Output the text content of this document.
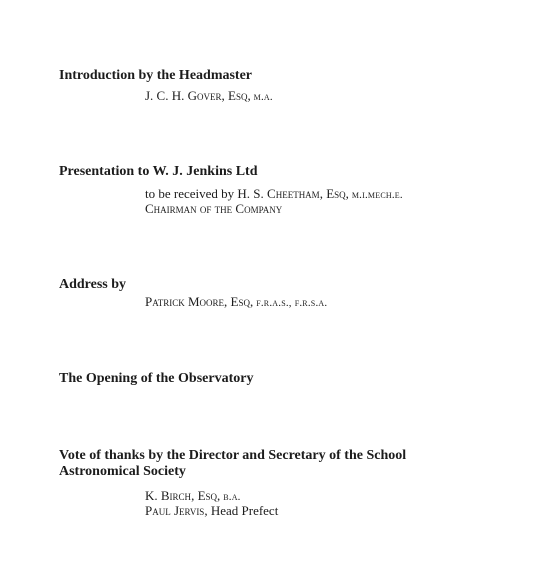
Introduction by the Headmaster
J. C. H. Gover, Esq, m.a.
Presentation to W. J. Jenkins Ltd
to be received by H. S. Cheetham, Esq, m.i.mech.e.
Chairman of the Company
Address by
Patrick Moore, Esq, f.r.a.s., f.r.s.a.
The Opening of the Observatory
Vote of thanks by the Director and Secretary of the School Astronomical Society
K. Birch, Esq, b.a.
Paul Jervis, Head Prefect
